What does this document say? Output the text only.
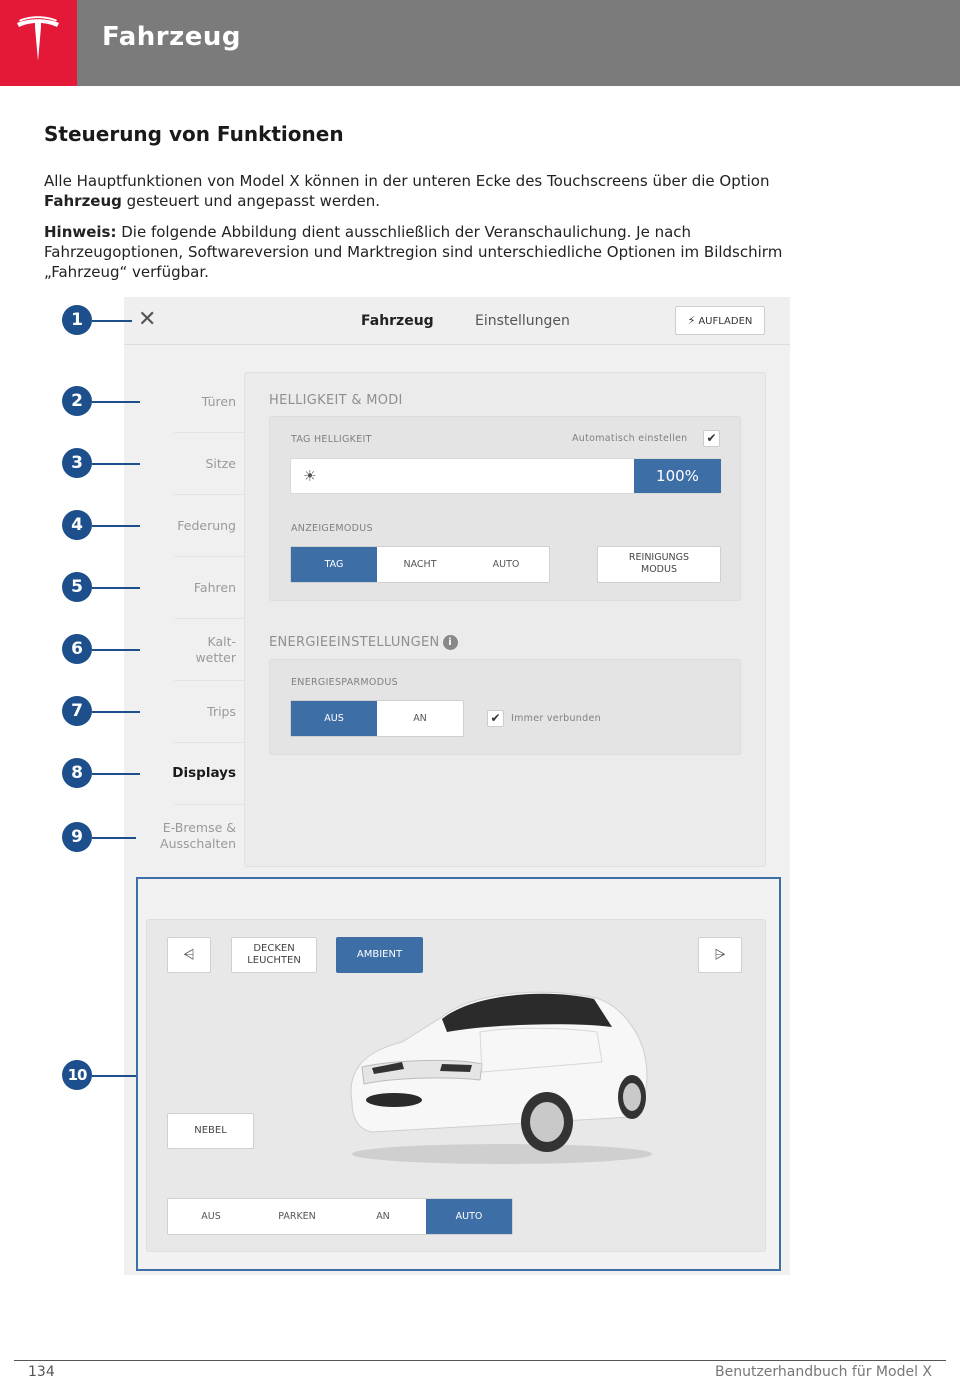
Fahrzeug
Steuerung von Funktionen
Alle Hauptfunktionen von Model X können in der unteren Ecke des Touchscreens über die Option
Fahrzeug gesteuert und angepasst werden.
Hinweis: Die folgende Abbildung dient ausschließlich der Veranschaulichung. Je nach
Fahrzeugoptionen, Softwareversion und Marktregion sind unterschiedliche Optionen im Bildschirm
„Fahrzeug“ verfügbar.
✕	Fahrzeug	Einstellungen	⚡ AUFLADEN
Türen
Sitze
Federung
Fahren
Kalt-
wetter
Trips
Displays
E-Bremse &
Ausschalten
HELLIGKEIT & MODI
TAG HELLIGKEIT	Automatisch einstellen ✔
☀	100%
ANZEIGEMODUS
TAG	NACHT	AUTO
REINIGUNGS
MODUS
ENERGIEEINSTELLUNGEN i
ENERGIESPARMODUS
AUS	AN	✔	Immer verbunden
⩤	DECKEN
LEUCHTEN
AMBIENT	⩥
NEBEL
AUS	PARKEN	AN	AUTO
1
2
3
4
5
6
7
8
9
10
134	Benutzerhandbuch für Model X
